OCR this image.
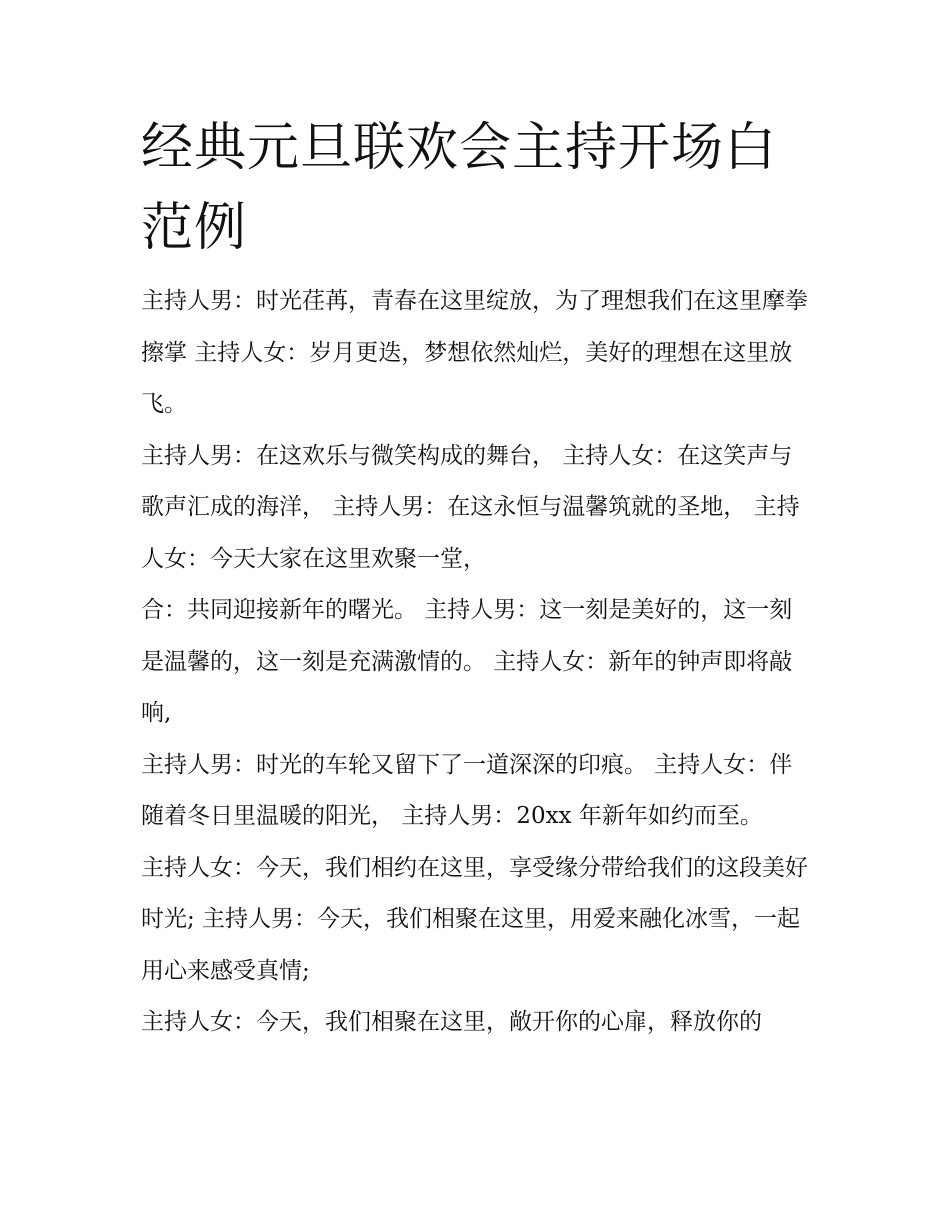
经典元旦联欢会主持开场白范例

主持人男：时光荏苒，青春在这里绽放，为了理想我们在这里摩拳擦掌 主持人女：岁月更迭，梦想依然灿烂，美好的理想在这里放飞。

主持人男：在这欢乐与微笑构成的舞台， 主持人女：在这笑声与歌声汇成的海洋， 主持人男：在这永恒与温馨筑就的圣地， 主持人女：今天大家在这里欢聚一堂，

合：共同迎接新年的曙光。 主持人男：这一刻是美好的，这一刻是温馨的，这一刻是充满激情的。 主持人女：新年的钟声即将敲响,

主持人男：时光的车轮又留下了一道深深的印痕。 主持人女：伴随着冬日里温暖的阳光， 主持人男：20xx 年新年如约而至。

主持人女：今天，我们相约在这里，享受缘分带给我们的这段美好时光; 主持人男：今天，我们相聚在这里，用爱来融化冰雪，一起用心来感受真情;

主持人女：今天，我们相聚在这里，敞开你的心扉，释放你的
